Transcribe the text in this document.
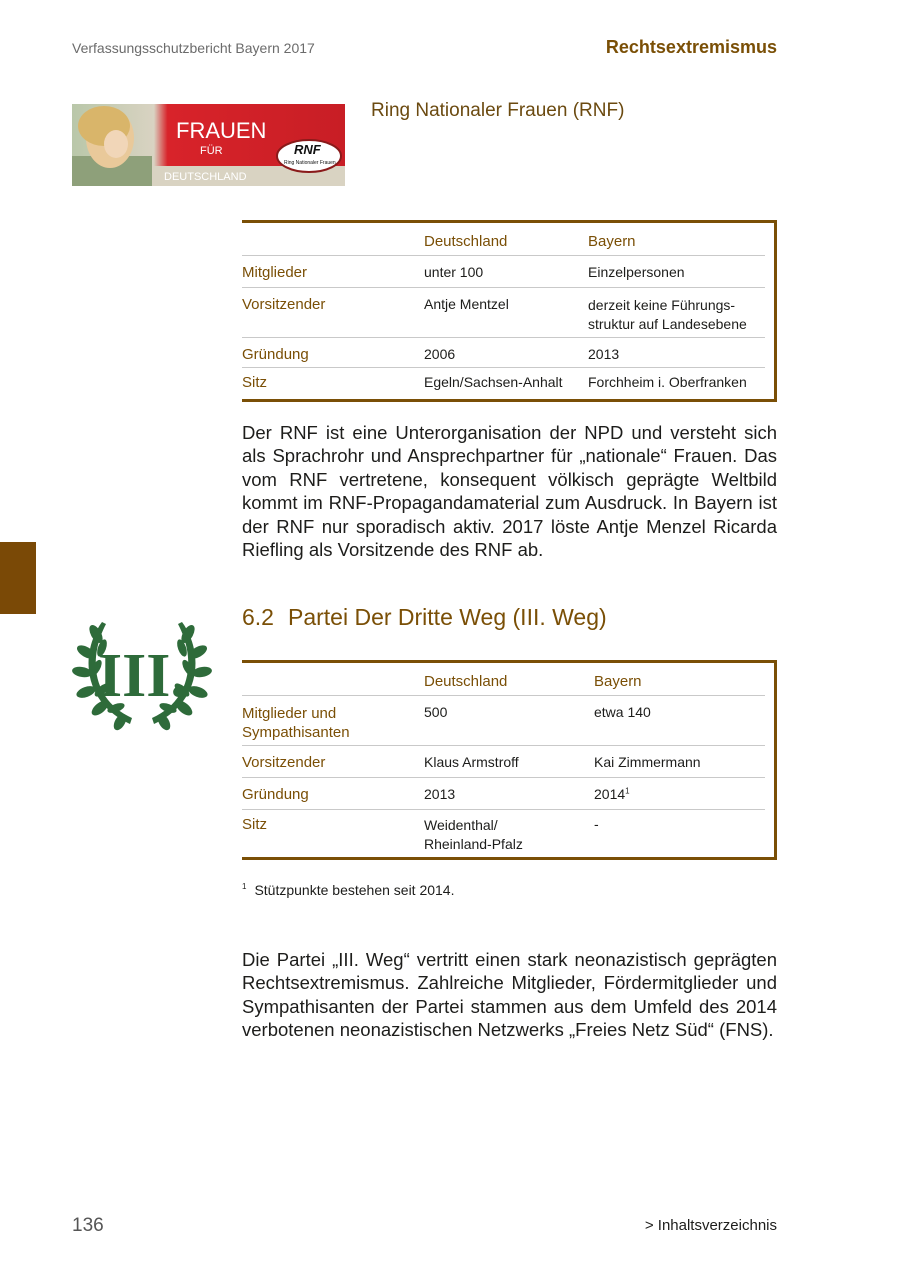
Verfassungsschutzbericht Bayern 2017	Rechtsextremismus
FRAUEN
FÜR
DEUTSCHLAND
RNF
Ring Nationaler Frauen
Ring Nationaler Frauen (RNF)
	Deutschland	Bayern
Mitglieder	unter 100	Einzelpersonen
Vorsitzender	Antje Mentzel	derzeit keine Führungs-
struktur auf Landesebene
Gründung	2006	2013
Sitz	Egeln/Sachsen-Anhalt	Forchheim i. Oberfranken
Der RNF ist eine Unterorganisation der NPD und versteht sich als Sprachrohr und Ansprechpartner für „nationale“ Frauen. Das vom RNF vertretene, konsequent völkisch geprägte Weltbild kommt im RNF-Propagandamaterial zum Ausdruck. In Bayern ist der RNF nur sporadisch aktiv. 2017 löste Antje Menzel Ricarda Riefling als Vorsitzende des RNF ab.
III.
6.2 Partei Der Dritte Weg (III. Weg)
	Deutschland	Bayern
Mitglieder und
Sympathisanten	500	etwa 140
Vorsitzender	Klaus Armstroff	Kai Zimmermann
Gründung	2013	2014$^1$
Sitz	Weidenthal/
Rheinland-Pfalz	-
$^1$ Stützpunkte bestehen seit 2014.
Die Partei „III. Weg“ vertritt einen stark neonazistisch geprägten Rechtsextremismus. Zahlreiche Mitglieder, Fördermitglieder und Sympathisanten der Partei stammen aus dem Umfeld des 2014 verbotenen neonazistischen Netzwerks „Freies Netz Süd“ (FNS).
136	> Inhaltsverzeichnis
